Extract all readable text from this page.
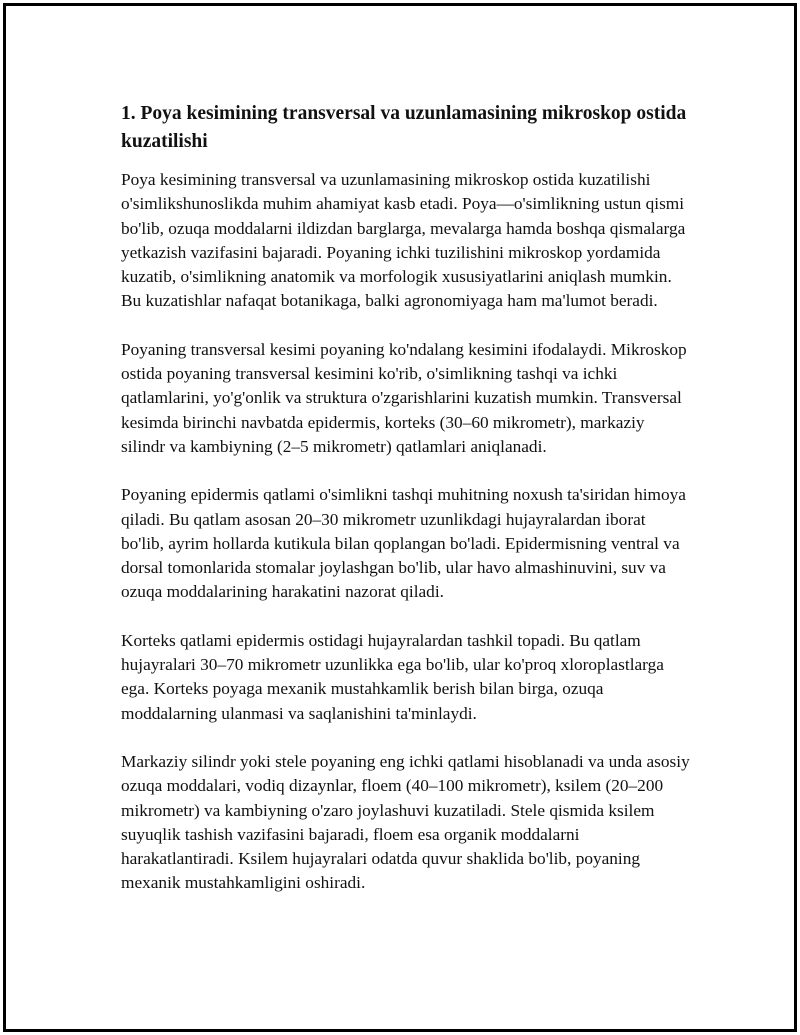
1. Poya kesimining transversal va uzunlamasining mikroskop ostida kuzatilishi

Poya kesimining transversal va uzunlamasining mikroskop ostida kuzatilishi o'simlikshunoslikda muhim ahamiyat kasb etadi. Poya—o'simlikning ustun qismi bo'lib, ozuqa moddalarni ildizdan barglarga, mevalarga hamda boshqa qismalarga yetkazish vazifasini bajaradi. Poyaning ichki tuzilishini mikroskop yordamida kuzatib, o'simlikning anatomik va morfologik xususiyatlarini aniqlash mumkin. Bu kuzatishlar nafaqat botanikaga, balki agronomiyaga ham ma'lumot beradi.

Poyaning transversal kesimi poyaning ko'ndalang kesimini ifodalaydi. Mikroskop ostida poyaning transversal kesimini ko'rib, o'simlikning tashqi va ichki qatlamlarini, yo'g'onlik va struktura o'zgarishlarini kuzatish mumkin. Transversal kesimda birinchi navbatda epidermis, korteks (30–60 mikrometr), markaziy silindr va kambiyning (2–5 mikrometr) qatlamlari aniqlanadi.

Poyaning epidermis qatlami o'simlikni tashqi muhitning noxush ta'siridan himoya qiladi. Bu qatlam asosan 20–30 mikrometr uzunlikdagi hujayralardan iborat bo'lib, ayrim hollarda kutikula bilan qoplangan bo'ladi. Epidermisning ventral va dorsal tomonlarida stomalar joylashgan bo'lib, ular havo almashinuvini, suv va ozuqa moddalarining harakatini nazorat qiladi.

Korteks qatlami epidermis ostidagi hujayralardan tashkil topadi. Bu qatlam hujayralari 30–70 mikrometr uzunlikka ega bo'lib, ular ko'proq xloroplastlarga ega. Korteks poyaga mexanik mustahkamlik berish bilan birga, ozuqa moddalarning ulanmasi va saqlanishini ta'minlaydi.

Markaziy silindr yoki stele poyaning eng ichki qatlami hisoblanadi va unda asosiy ozuqa moddalari, vodiq dizaynlar, floem (40–100 mikrometr), ksilem (20–200 mikrometr) va kambiyning o'zaro joylashuvi kuzatiladi. Stele qismida ksilem suyuqlik tashish vazifasini bajaradi, floem esa organik moddalarni harakatlantiradi. Ksilem hujayralari odatda quvur shaklida bo'lib, poyaning mexanik mustahkamligini oshiradi.
